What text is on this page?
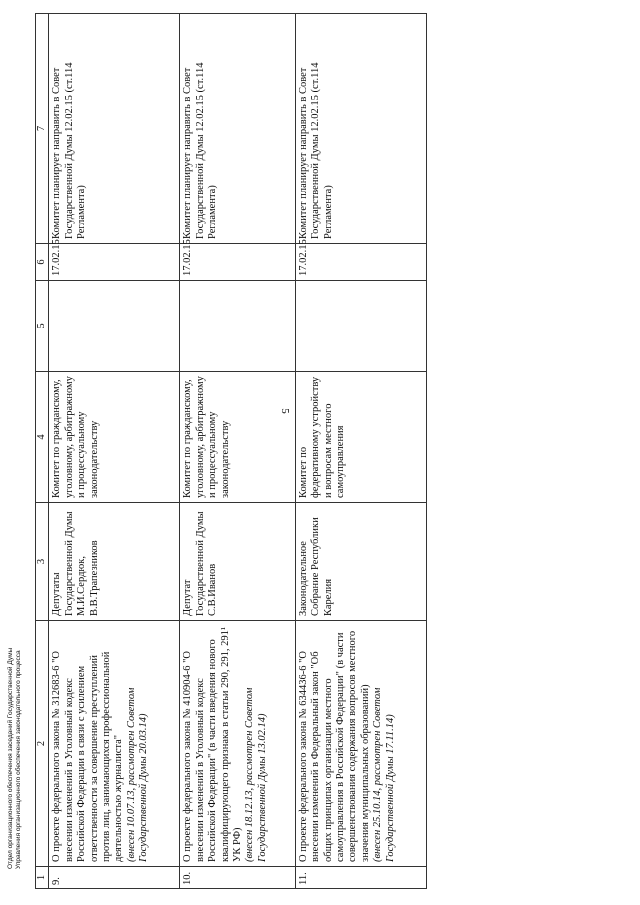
5
1	2	3	4	5	6	7
9.	О проекте федерального закона № 312683-6 "О внесении изменений в Уголовный кодекс Российской Федерации в связи с усилением ответственности за совершение преступлений против лиц, занимающихся профессиональной деятельностью журналиста" (внесен 10.07.13, рассмотрен Советом Государственной Думы 20.03.14)	Депутаты Государственной Думы М.И.Сердюк, В.В.Трапезников	Комитет по гражданскому, уголовному, арбитражному и процессуальному законодательству		17.02.15	Комитет планирует направить в Совет Государственной Думы 12.02.15 (ст.114 Регламента)
10.	О проекте федерального закона № 410904-6 "О внесении изменений в Уголовный кодекс Российской Федерации" (в части введения нового квалифицирующего признака в статьи 290, 291, 291¹ УК РФ) (внесен 18.12.13, рассмотрен Советом Государственной Думы 13.02.14)	Депутат Государственной Думы С.В.Иванов	Комитет по гражданскому, уголовному, арбитражному и процессуальному законодательству		17.02.15	Комитет планирует направить в Совет Государственной Думы 12.02.15 (ст.114 Регламента)
11.	О проекте федерального закона № 634436-6 "О внесении изменений в Федеральный закон "Об общих принципах организации местного самоуправления в Российской Федерации" (в части совершенствования содержания вопросов местного значения муниципальных образований) (внесен 25.10.14, рассмотрен Советом Государственной Думы 17.11.14)	Законодательное Собрание Республики Карелия	Комитет по федеративному устройству и вопросам местного самоуправления		17.02.15	Комитет планирует направить в Совет Государственной Думы 12.02.15 (ст.114 Регламента)
Отдел организационного обеспечения заседаний Государственной Думы Управления организационного обеспечения законодательного процесса
